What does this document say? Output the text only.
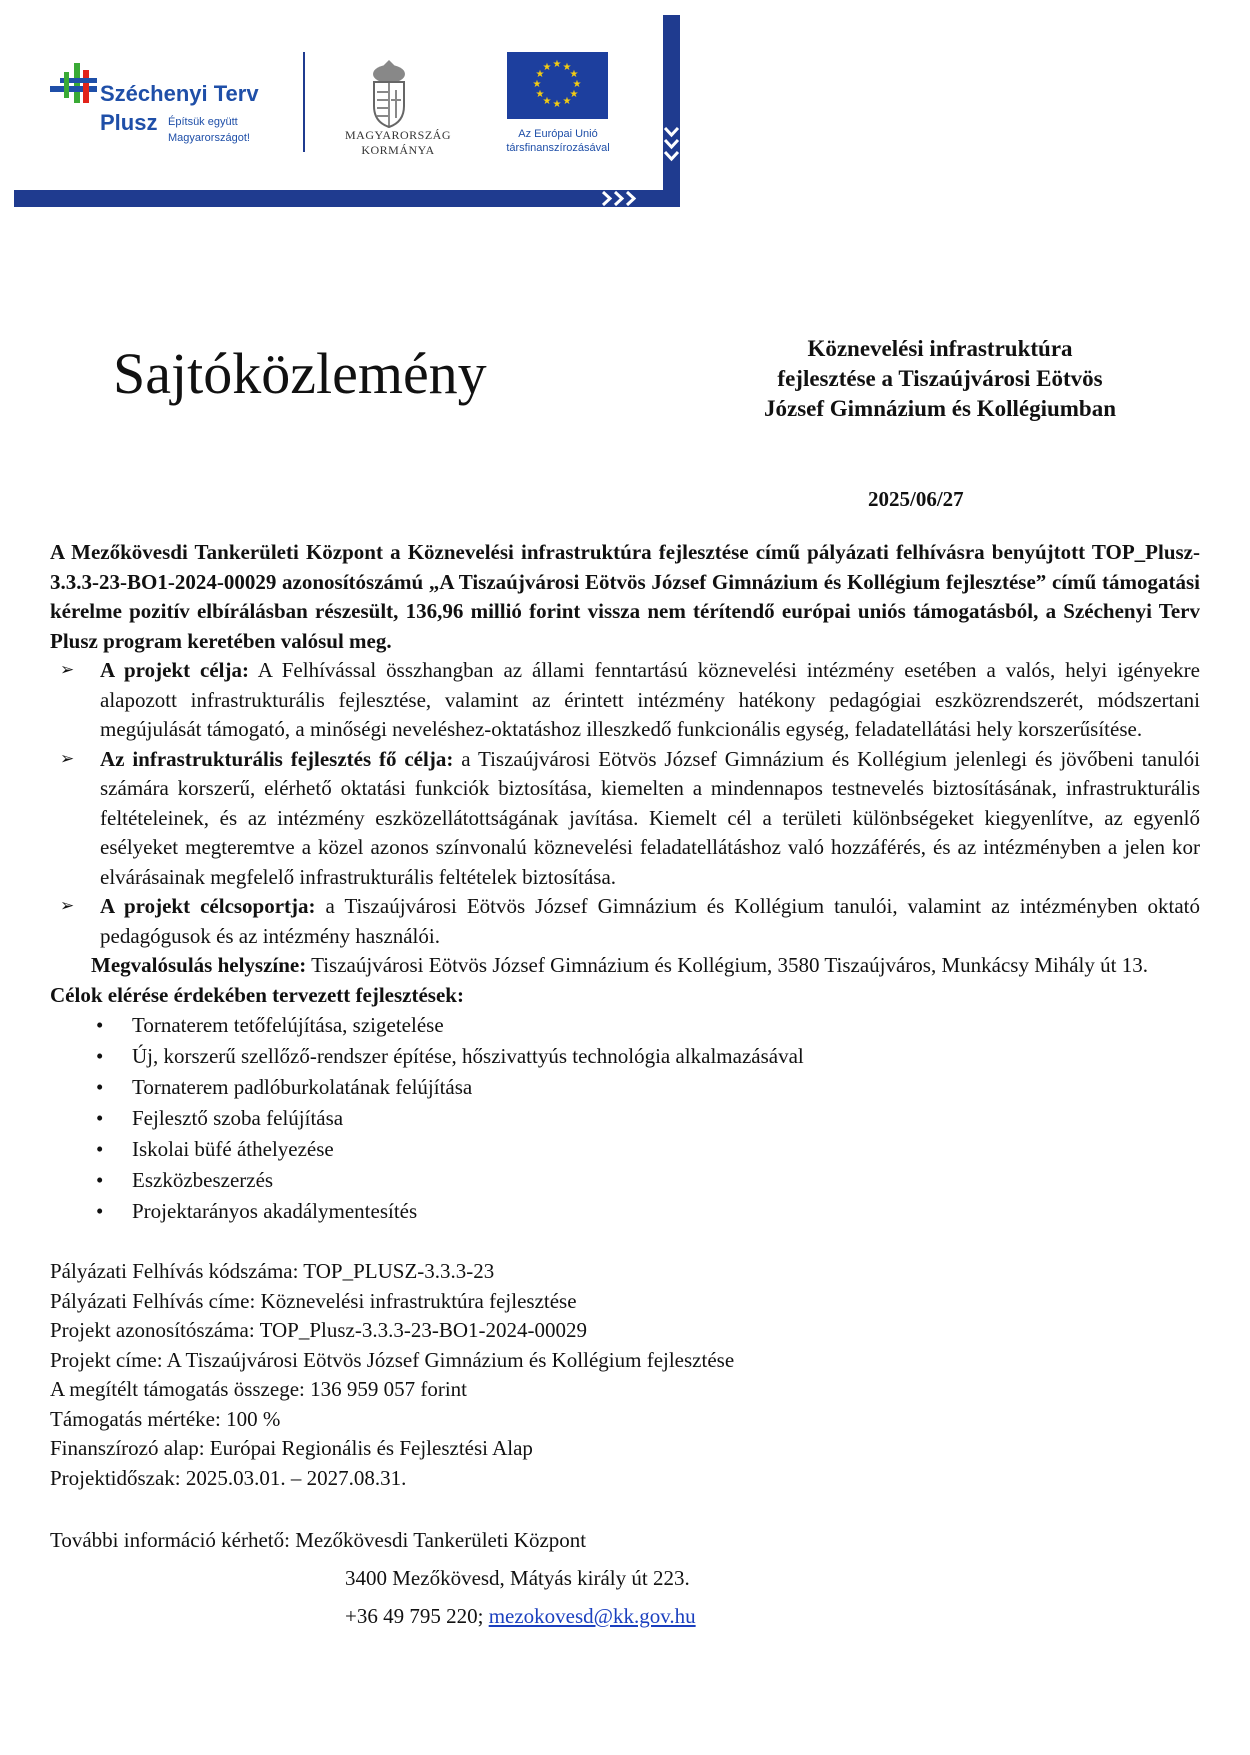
★ ★
★
★
★
★
★
★
★
★
★
★
Széchenyi Terv
Plusz Építsük együtt
Magyarországot!	MAGYARORSZÁG
KORMÁNYA
Az Európai Unió
társfinanszírozásával
Sajtóközlemény	Köznevelési infrastruktúra
fejlesztése a Tiszaújvárosi Eötvös
József Gimnázium és Kollégiumban
2025/06/27

A Mezőkövesdi Tankerületi Központ a Köznevelési infrastruktúra fejlesztése című pályázati felhívásra benyújtott TOP_Plusz-3.3.3-23-BO1-2024-00029 azonosítószámú „A Tiszaújvárosi Eötvös József Gimnázium és Kollégium fejlesztése” című támogatási kérelme pozitív elbírálásban részesült, 136,96 millió forint vissza nem térítendő európai uniós támogatásból, a Széchenyi Terv Plusz program keretében valósul meg.

➢ A projekt célja: A Felhívással összhangban az állami fenntartású köznevelési intézmény esetében a valós, helyi igényekre alapozott infrastrukturális fejlesztése, valamint az érintett intézmény hatékony pedagógiai eszközrendszerét, módszertani megújulását támogató, a minőségi neveléshez-oktatáshoz illeszkedő funkcionális egység, feladatellátási hely korszerűsítése.
➢ Az infrastrukturális fejlesztés fő célja: a Tiszaújvárosi Eötvös József Gimnázium és Kollégium jelenlegi és jövőbeni tanulói számára korszerű, elérhető oktatási funkciók biztosítása, kiemelten a mindennapos testnevelés biztosításának, infrastrukturális feltételeinek, és az intézmény eszközellátottságának javítása. Kiemelt cél a területi különbségeket kiegyenlítve, az egyenlő esélyeket megteremtve a közel azonos színvonalú köznevelési feladatellátáshoz való hozzáférés, és az intézményben a jelen kor elvárásainak megfelelő infrastrukturális feltételek biztosítása.
➢ A projekt célcsoportja: a Tiszaújvárosi Eötvös József Gimnázium és Kollégium tanulói, valamint az intézményben oktató pedagógusok és az intézmény használói.

Megvalósulás helyszíne: Tiszaújvárosi Eötvös József Gimnázium és Kollégium, 3580 Tiszaújváros, Munkácsy Mihály út 13.

Célok elérése érdekében tervezett fejlesztések:

• Tornaterem tetőfelújítása, szigetelése
• Új, korszerű szellőző-rendszer építése, hőszivattyús technológia alkalmazásával
• Tornaterem padlóburkolatának felújítása
• Fejlesztő szoba felújítása
• Iskolai büfé áthelyezése
• Eszközbeszerzés
• Projektarányos akadálymentesítés

Pályázati Felhívás kódszáma: TOP_PLUSZ-3.3.3-23

Pályázati Felhívás címe: Köznevelési infrastruktúra fejlesztése

Projekt azonosítószáma: TOP_Plusz-3.3.3-23-BO1-2024-00029

Projekt címe: A Tiszaújvárosi Eötvös József Gimnázium és Kollégium fejlesztése

A megítélt támogatás összege: 136 959 057 forint

Támogatás mértéke: 100 %

Finanszírozó alap: Európai Regionális és Fejlesztési Alap

Projektidőszak: 2025.03.01. – 2027.08.31.

További információ kérhető: Mezőkövesdi Tankerületi Központ

3400 Mezőkövesd, Mátyás király út 223.

+36 49 795 220; mezokovesd@kk.gov.hu
